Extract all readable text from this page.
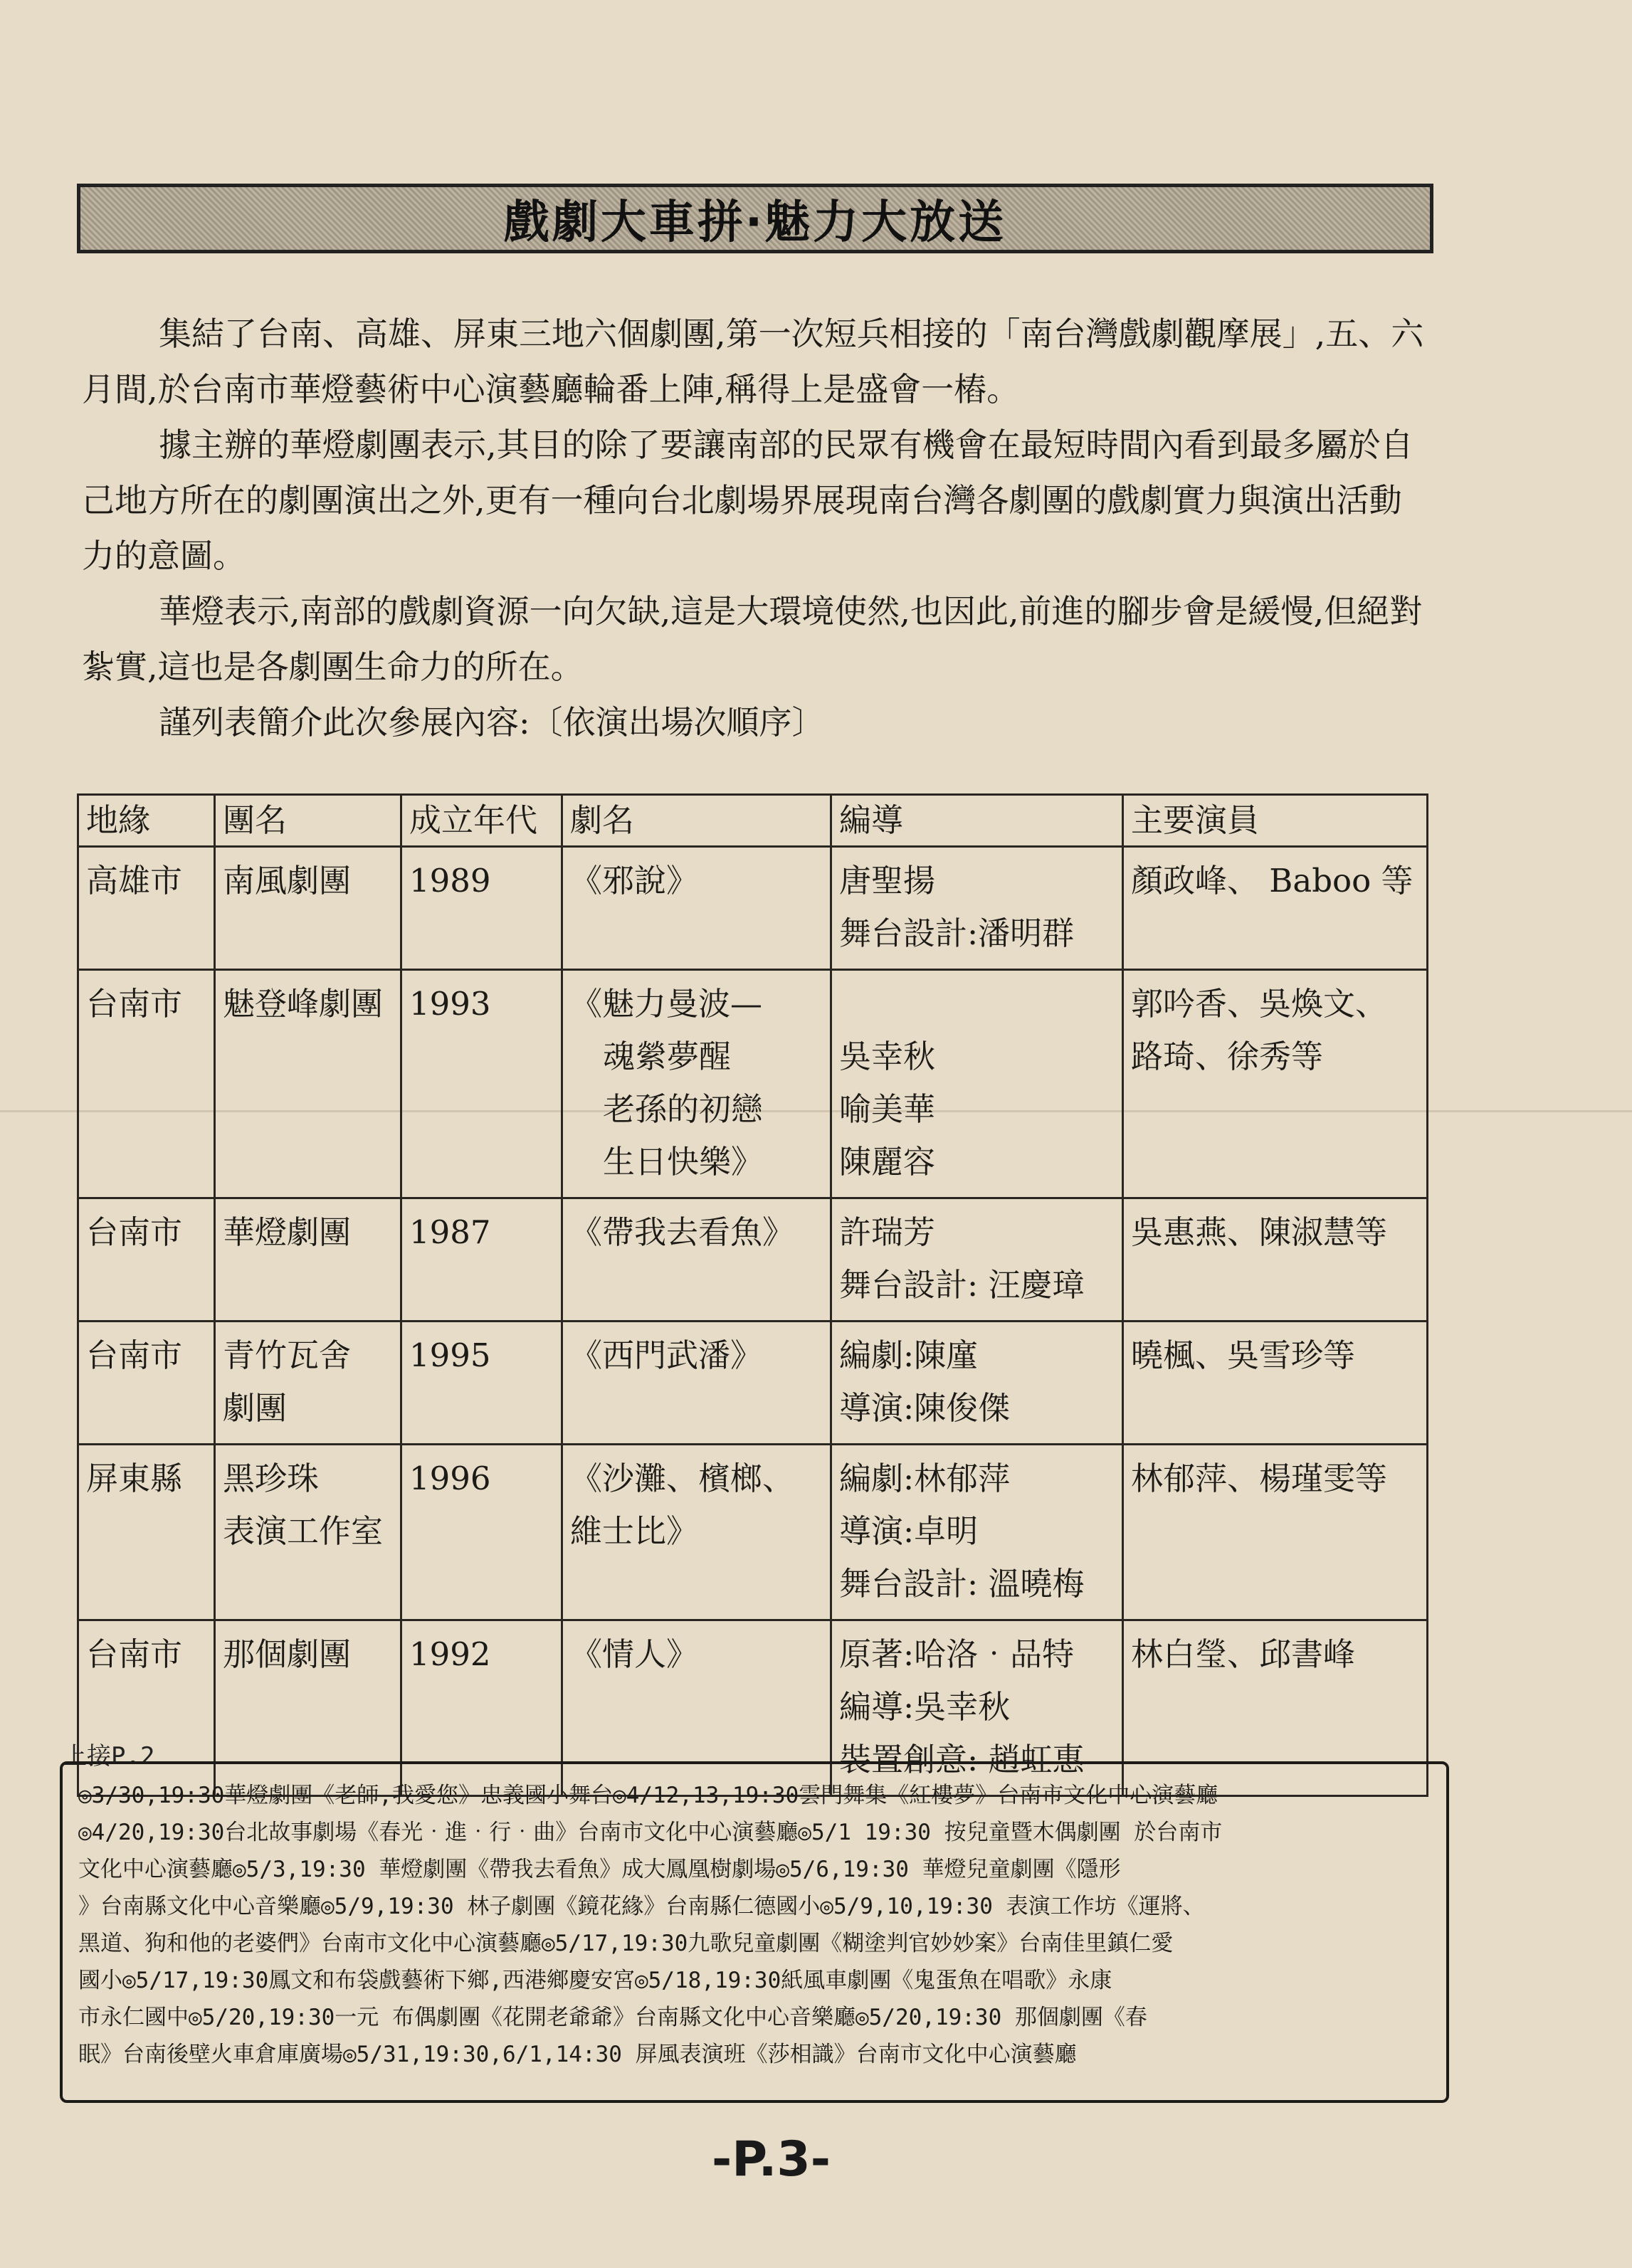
戲劇大車拼‧魅力大放送

集結了台南、高雄、屏東三地六個劇團,第一次短兵相接的「南台灣戲劇觀摩展」,五、六月間,於台南市華燈藝術中心演藝廳輪番上陣,稱得上是盛會一樁。

據主辦的華燈劇團表示,其目的除了要讓南部的民眾有機會在最短時間內看到最多屬於自己地方所在的劇團演出之外,更有一種向台北劇場界展現南台灣各劇團的戲劇實力與演出活動力的意圖。

華燈表示,南部的戲劇資源一向欠缺,這是大環境使然,也因此,前進的腳步會是緩慢,但絕對紮實,這也是各劇團生命力的所在。

謹列表簡介此次參展內容:〔依演出場次順序〕

地緣	團名	成立年代	劇名	編導	主要演員

高雄市	南風劇團	1989	《邪說》	唐聖揚
舞台設計:潘明群	顏政峰、 Baboo 等

台南市	魅登峰劇團	1993	《魅力曼波—
魂縈夢醒
老孫的初戀
生日快樂》	吳幸秋
喻美華
陳麗容	郭吟香、吳煥文、
路琦、徐秀等

台南市	華燈劇團	1987	《帶我去看魚》	許瑞芳
舞台設計: 汪慶璋	吳惠燕、陳淑慧等

台南市	青竹瓦舍
劇團	1995	《西門武潘》	編劇:陳廑
導演:陳俊傑	曉楓、吳雪珍等

屏東縣	黑珍珠
表演工作室	1996	《沙灘、檳榔、
維士比》	編劇:林郁萍
導演:卓明
舞台設計: 溫曉梅	林郁萍、楊瑾雯等

台南市	那個劇團	1992	《情人》	原著:哈洛‧品特
編導:吳幸秋
裝置創意: 趙虹惠	林白瑩、邱書峰
上接P.2
◎3/30,19:30華燈劇團《老師,我愛您》忠義國小舞台◎4/12,13,19:30雲門舞集《紅樓夢》台南市文化中心演藝廳
◎4/20,19:30台北故事劇場《春光‧進‧行‧曲》台南市文化中心演藝廳◎5/1 19:30 按兒童暨木偶劇團 於台南市
文化中心演藝廳◎5/3,19:30 華燈劇團《帶我去看魚》成大鳳凰樹劇場◎5/6,19:30 華燈兒童劇團《隱形
》台南縣文化中心音樂廳◎5/9,19:30 林子劇團《鏡花緣》台南縣仁德國小◎5/9,10,19:30 表演工作坊《運將、
黑道、狗和他的老婆們》台南市文化中心演藝廳◎5/17,19:30九歌兒童劇團《糊塗判官妙妙案》台南佳里鎮仁愛
國小◎5/17,19:30鳳文和布袋戲藝術下鄉,西港鄉慶安宮◎5/18,19:30紙風車劇團《鬼蛋魚在唱歌》永康
市永仁國中◎5/20,19:30一元 布偶劇團《花開老爺爺》台南縣文化中心音樂廳◎5/20,19:30 那個劇團《春
眠》台南後壁火車倉庫廣場◎5/31,19:30,6/1,14:30 屏風表演班《莎相識》台南市文化中心演藝廳
-P.3-
